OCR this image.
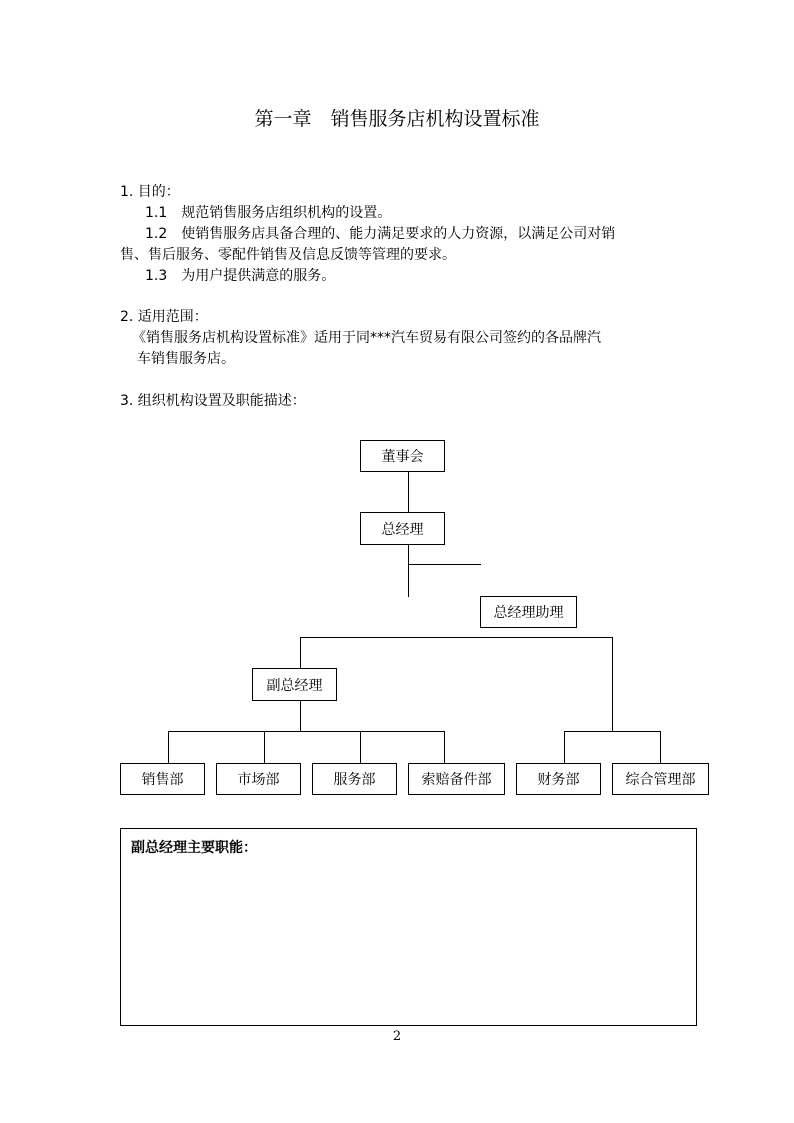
第一章　销售服务店机构设置标准
1. 目的：
1.1　规范销售服务店组织机构的设置。
1.2　使销售服务店具备合理的、能力满足要求的人力资源，以满足公司对销
售、售后服务、零配件销售及信息反馈等管理的要求。
1.3　为用户提供满意的服务。
2. 适用范围：
《销售服务店机构设置标准》适用于同***汽车贸易有限公司签约的各品牌汽
车销售服务店。
3. 组织机构设置及职能描述：
董事会
总经理
总经理助理
副总经理
销售部	市场部	服务部	索赔备件部	财务部	综合管理部
副总经理主要职能：
2
